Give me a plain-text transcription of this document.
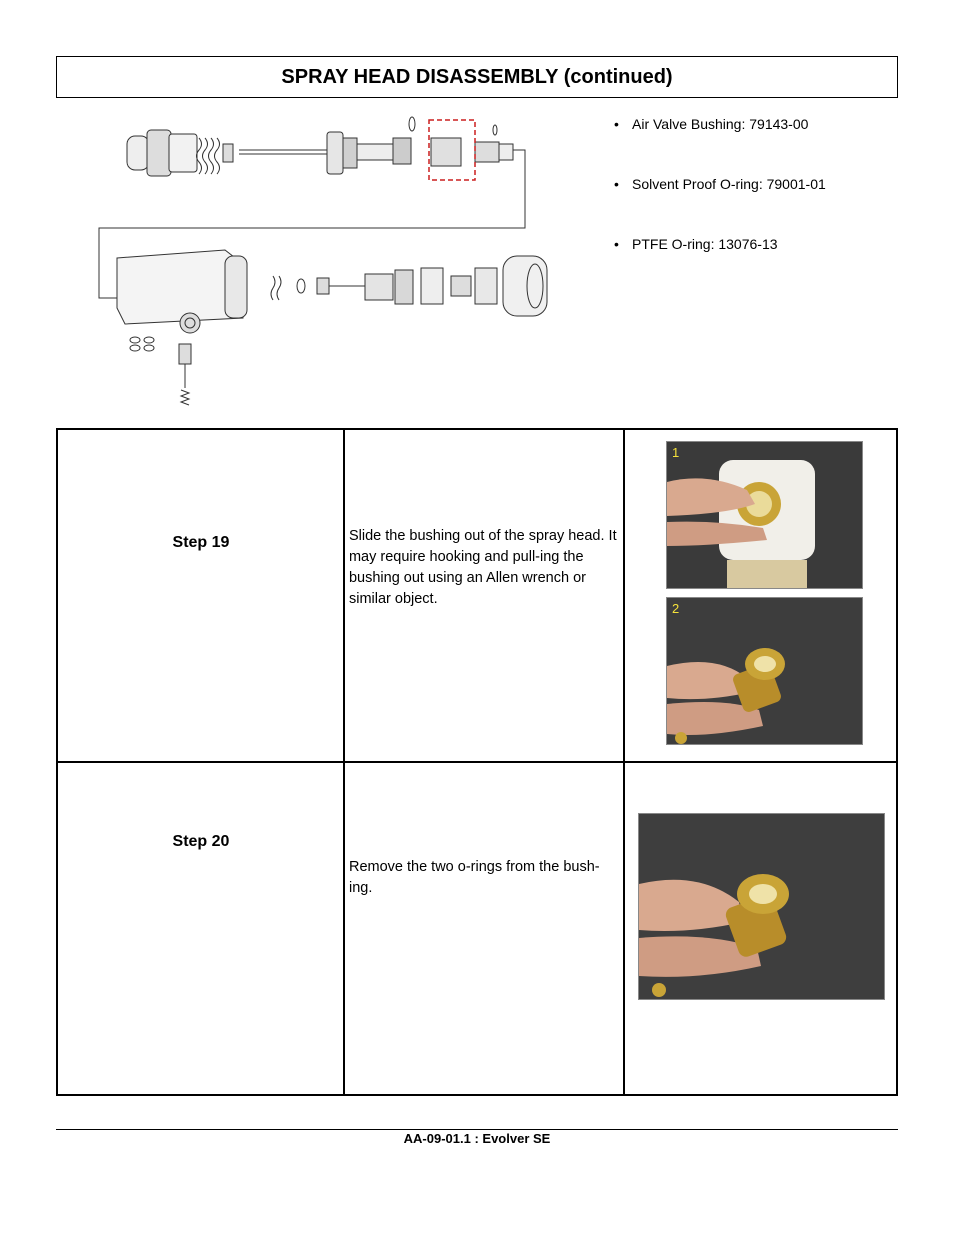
SPRAY HEAD DISASSEMBLY (continued)
• Air Valve Bushing: 79143-00
• Solvent Proof O-ring: 79001-01
• PTFE O-ring: 13076-13
Step 19	Slide the bushing out of the spray head. It may require hooking and pull-ing the bushing out using an Allen wrench or similar object.	1
2

Step 20	Remove the two o-rings from the bush-ing.

AA-09-01.1 : Evolver SE
